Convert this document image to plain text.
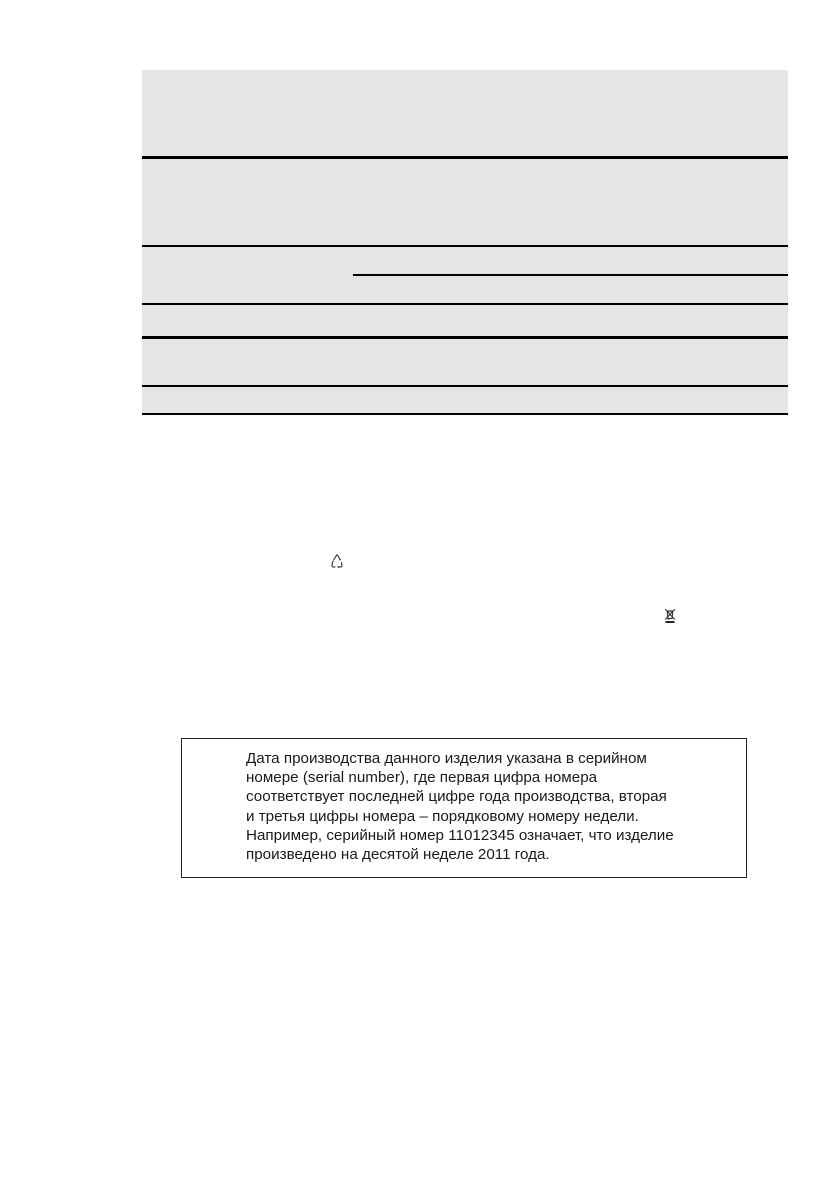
Дата производства данного изделия указана в серийном
номере (serial number), где первая цифра номера
соответствует последней цифре года производства, вторая
и третья цифры номера – порядковому номеру недели.
Например, серийный номер 11012345 означает, что изделие
произведено на десятой неделе 2011 года.
